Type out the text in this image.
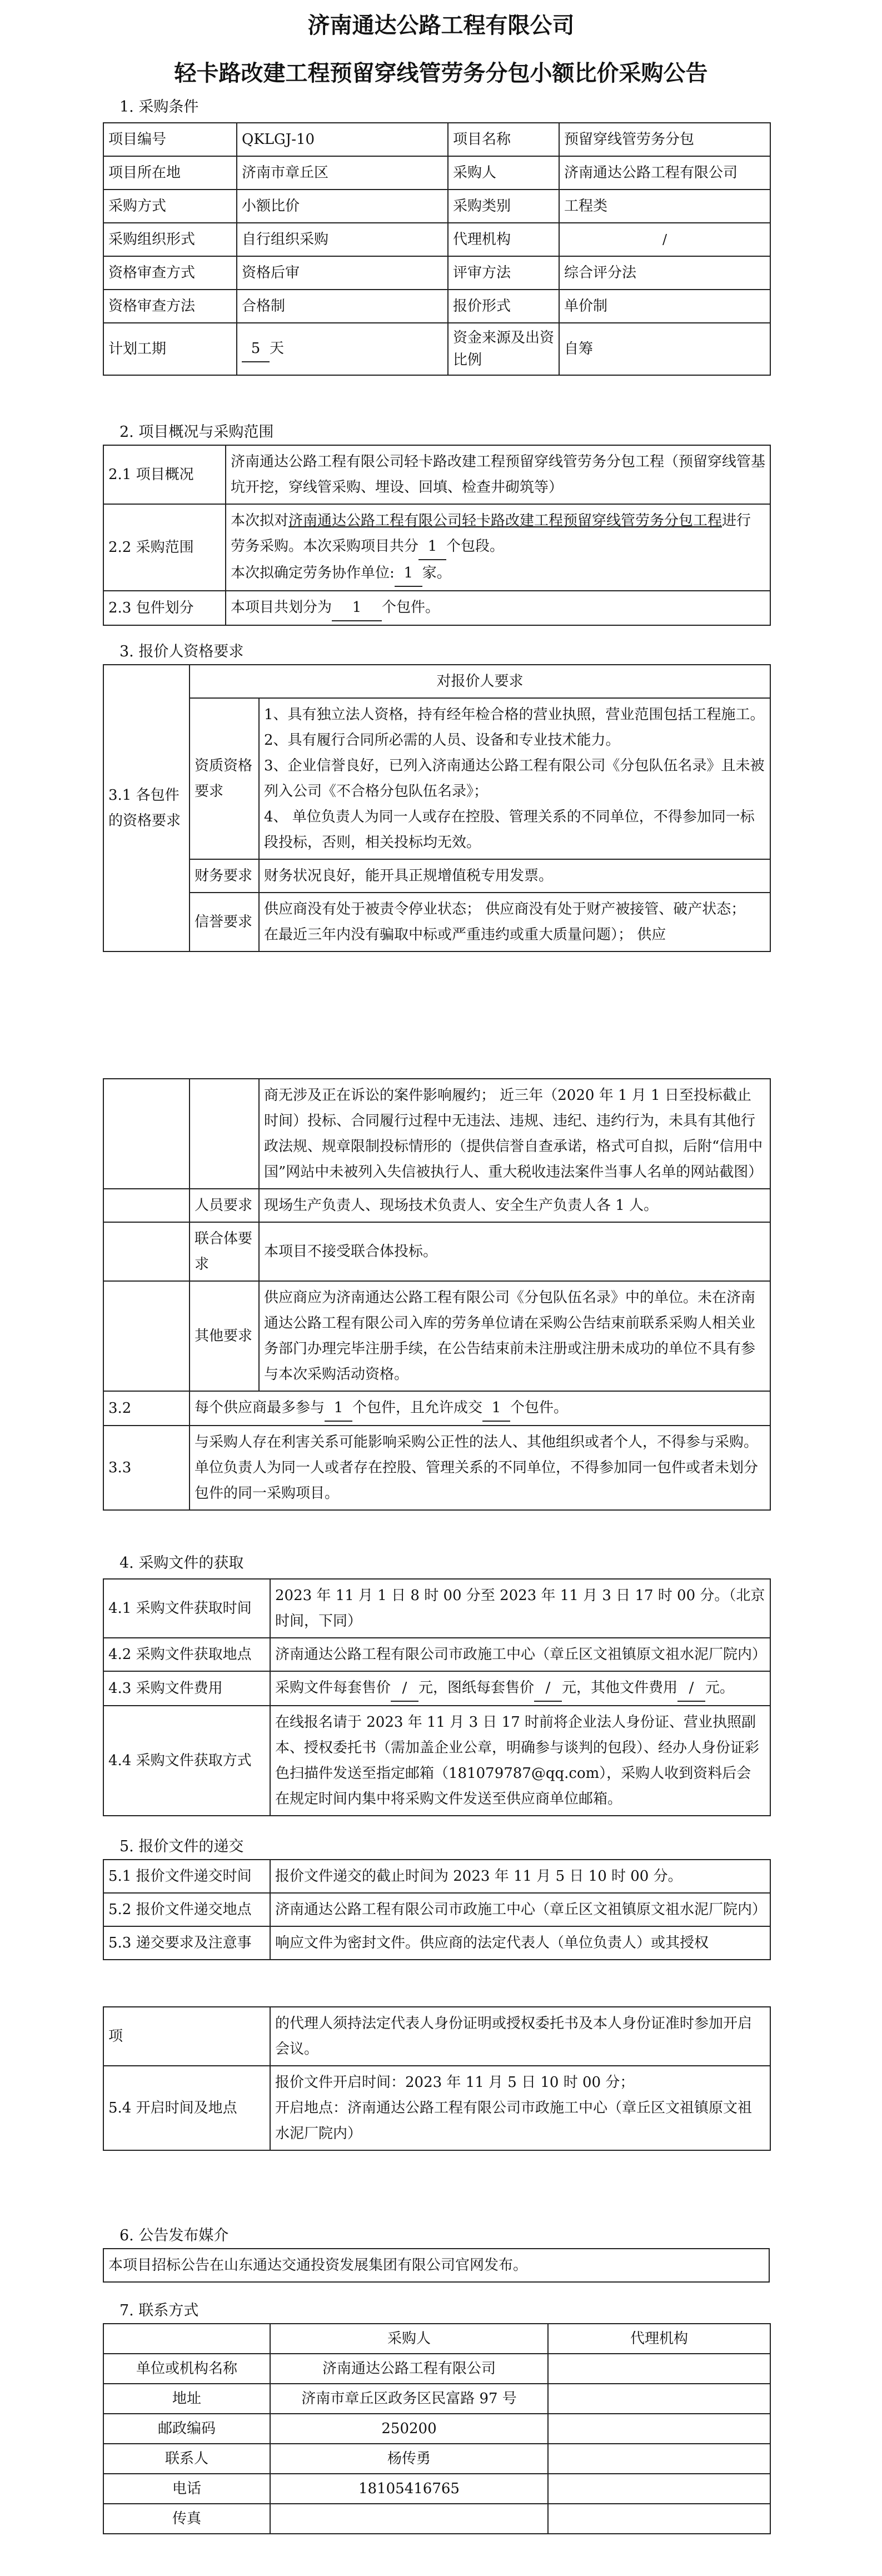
济南通达公路工程有限公司
轻卡路改建工程预留穿线管劳务分包小额比价采购公告
1. 采购条件
项目编号	QKLGJ-10	项目名称	预留穿线管劳务分包
项目所在地	济南市章丘区	采购人	济南通达公路工程有限公司
采购方式	小额比价	采购类别	工程类
采购组织形式	自行组织采购	代理机构	/
资格审查方式	资格后审	评审方法	综合评分法
资格审查方法	合格制	报价形式	单价制
计划工期	5 天	资金来源及出资比例	自筹
2. 项目概况与采购范围
2.1 项目概况	济南通达公路工程有限公司轻卡路改建工程预留穿线管劳务分包工程（预留穿线管基坑开挖，穿线管采购、埋设、回填、检查井砌筑等）
2.2 采购范围	本次拟对济南通达公路工程有限公司轻卡路改建工程预留穿线管劳务分包工程进行劳务采购。本次采购项目共分 1 个包段。
本次拟确定劳务协作单位: 1 家。
2.3 包件划分	本项目共划分为 1 个包件。
3. 报价人资格要求
3.1 各包件的资格要求	对报价人要求	
	资质资格要求	1、具有独立法人资格，持有经年检合格的营业执照，营业范围包括工程施工。
2、具有履行合同所必需的人员、设备和专业技术能力。
3、企业信誉良好，已列入济南通达公路工程有限公司《分包队伍名录》且未被列入公司《不合格分包队伍名录》；
4、 单位负责人为同一人或存在控股、管理关系的不同单位，不得参加同一标段投标，否则，相关投标均无效。

	财务要求	财务状况良好，能开具正规增值税专用发票。
	信誉要求	供应商没有处于被责令停业状态； 供应商没有处于财产被接管、破产状态；
在最近三年内没有骗取中标或严重违约或重大质量问题）； 供应
		商无涉及正在诉讼的案件影响履约； 近三年（2020 年 1 月 1 日至投标截止时间）投标、合同履行过程中无违法、违规、违纪、违约行为，未具有其他行政法规、规章限制投标情形的（提供信誉自查承诺，格式可自拟，后附“信用中国”网站中未被列入失信被执行人、重大税收违法案件当事人名单的网站截图）
	人员要求	现场生产负责人、现场技术负责人、安全生产负责人各 1 人。
	联合体要求	本项目不接受联合体投标。
	其他要求	供应商应为济南通达公路工程有限公司《分包队伍名录》中的单位。未在济南通达公路工程有限公司入库的劳务单位请在采购公告结束前联系采购人相关业务部门办理完毕注册手续，在公告结束前未注册或注册未成功的单位不具有参与本次采购活动资格。
3.2	每个供应商最多参与 1 个包件，且允许成交 1 个包件。	
3.3	与采购人存在利害关系可能影响采购公正性的法人、其他组织或者个人，不得参与采购。单位负责人为同一人或者存在控股、管理关系的不同单位，不得参加同一包件或者未划分包件的同一采购项目。	
4. 采购文件的获取
4.1 采购文件获取时间	2023 年 11 月 1 日 8 时 00 分至 2023 年 11 月 3 日 17 时 00 分。（北京时间，下同）
4.2 采购文件获取地点	济南通达公路工程有限公司市政施工中心（章丘区文祖镇原文祖水泥厂院内）
4.3 采购文件费用	采购文件每套售价 / 元，图纸每套售价 / 元，其他文件费用 / 元。
4.4 采购文件获取方式	在线报名请于 2023 年 11 月 3 日 17 时前将企业法人身份证、营业执照副本、授权委托书（需加盖企业公章，明确参与谈判的包段）、经办人身份证彩色扫描件发送至指定邮箱（181079787@qq.com），采购人收到资料后会在规定时间内集中将采购文件发送至供应商单位邮箱。
5. 报价文件的递交
5.1 报价文件递交时间	报价文件递交的截止时间为 2023 年 11 月 5 日 10 时 00 分。
5.2 报价文件递交地点	济南通达公路工程有限公司市政施工中心（章丘区文祖镇原文祖水泥厂院内）
5.3 递交要求及注意事	响应文件为密封文件。供应商的法定代表人（单位负责人）或其授权
项	的代理人须持法定代表人身份证明或授权委托书及本人身份证准时参加开启会议。
5.4 开启时间及地点	报价文件开启时间：2023 年 11 月 5 日 10 时 00 分；
开启地点：济南通达公路工程有限公司市政施工中心（章丘区文祖镇原文祖水泥厂院内）
6. 公告发布媒介
本项目招标公告在山东通达交通投资发展集团有限公司官网发布。
7. 联系方式
	采购人	代理机构
单位或机构名称	济南通达公路工程有限公司	
地址	济南市章丘区政务区民富路 97 号	
邮政编码	250200	
联系人	杨传勇	
电话	18105416765	
传真		
